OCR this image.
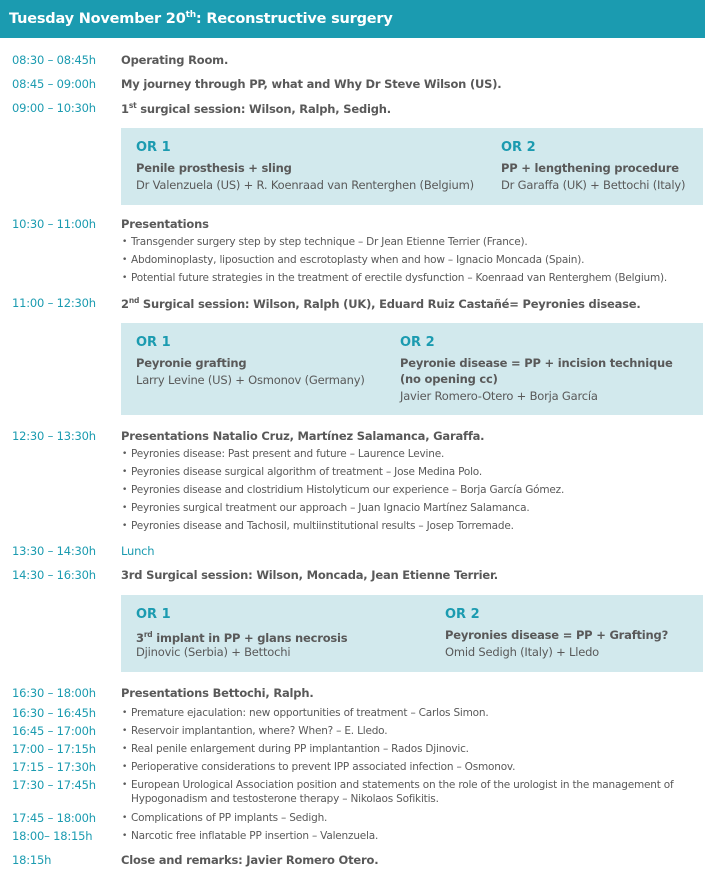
Tuesday November 20th: Reconstructive surgery
08:30 – 08:45h Operating Room.
08:45 – 09:00h My journey through PP, what and Why Dr Steve Wilson (US).
09:00 – 10:30h 1st surgical session: Wilson, Ralph, Sedigh.
OR 1
Penile prosthesis + sling
Dr Valenzuela (US) + R. Koenraad van Renterghen (Belgium)
OR 2
PP + lengthening procedure
Dr Garaffa (UK) + Bettochi (Italy)
10:30 – 11:00h Presentations
• Transgender surgery step by step technique – Dr Jean Etienne Terrier (France).
• Abdominoplasty, liposuction and escrotoplasty when and how – Ignacio Moncada (Spain).
• Potential future strategies in the treatment of erectile dysfunction – Koenraad van Renterghem (Belgium).
11:00 – 12:30h 2nd Surgical session: Wilson, Ralph (UK), Eduard Ruiz Castañé= Peyronies disease.
OR 1
Peyronie grafting
Larry Levine (US) + Osmonov (Germany)
OR 2
Peyronie disease = PP + incision technique
(no opening cc)
Javier Romero-Otero + Borja García
12:30 – 13:30h Presentations Natalio Cruz, Martínez Salamanca, Garaffa.
• Peyronies disease: Past present and future – Laurence Levine.
• Peyronies disease surgical algorithm of treatment – Jose Medina Polo.
• Peyronies disease and clostridium Histolyticum our experience – Borja García Gómez.
• Peyronies surgical treatment our approach – Juan Ignacio Martínez Salamanca.
• Peyronies disease and Tachosil, multiinstitutional results – Josep Torremade.
13:30 – 14:30h Lunch
14:30 – 16:30h 3rd Surgical session: Wilson, Moncada, Jean Etienne Terrier.
OR 1
3rd implant in PP + glans necrosis
Djinovic (Serbia) + Bettochi
OR 2
Peyronies disease = PP + Grafting?
Omid Sedigh (Italy) + Lledo
16:30 – 18:00h Presentations Bettochi, Ralph.
16:30 – 16:45h	• Premature ejaculation: new opportunities of treatment – Carlos Simon.
16:45 – 17:00h	• Reservoir implantantion, where? When? – E. Lledo.
17:00 – 17:15h	• Real penile enlargement during PP implantantion – Rados Djinovic.
17:15 – 17:30h	• Perioperative considerations to prevent IPP associated infection – Osmonov.
17:30 – 17:45h	• European Urological Association position and statements on the role of the urologist in the management of Hypogonadism and testosterone therapy – Nikolaos Sofikitis.
17:45 – 18:00h	• Complications of PP implants – Sedigh.
18:00– 18:15h	• Narcotic free inflatable PP insertion – Valenzuela.
18:15h	Close and remarks: Javier Romero Otero.
